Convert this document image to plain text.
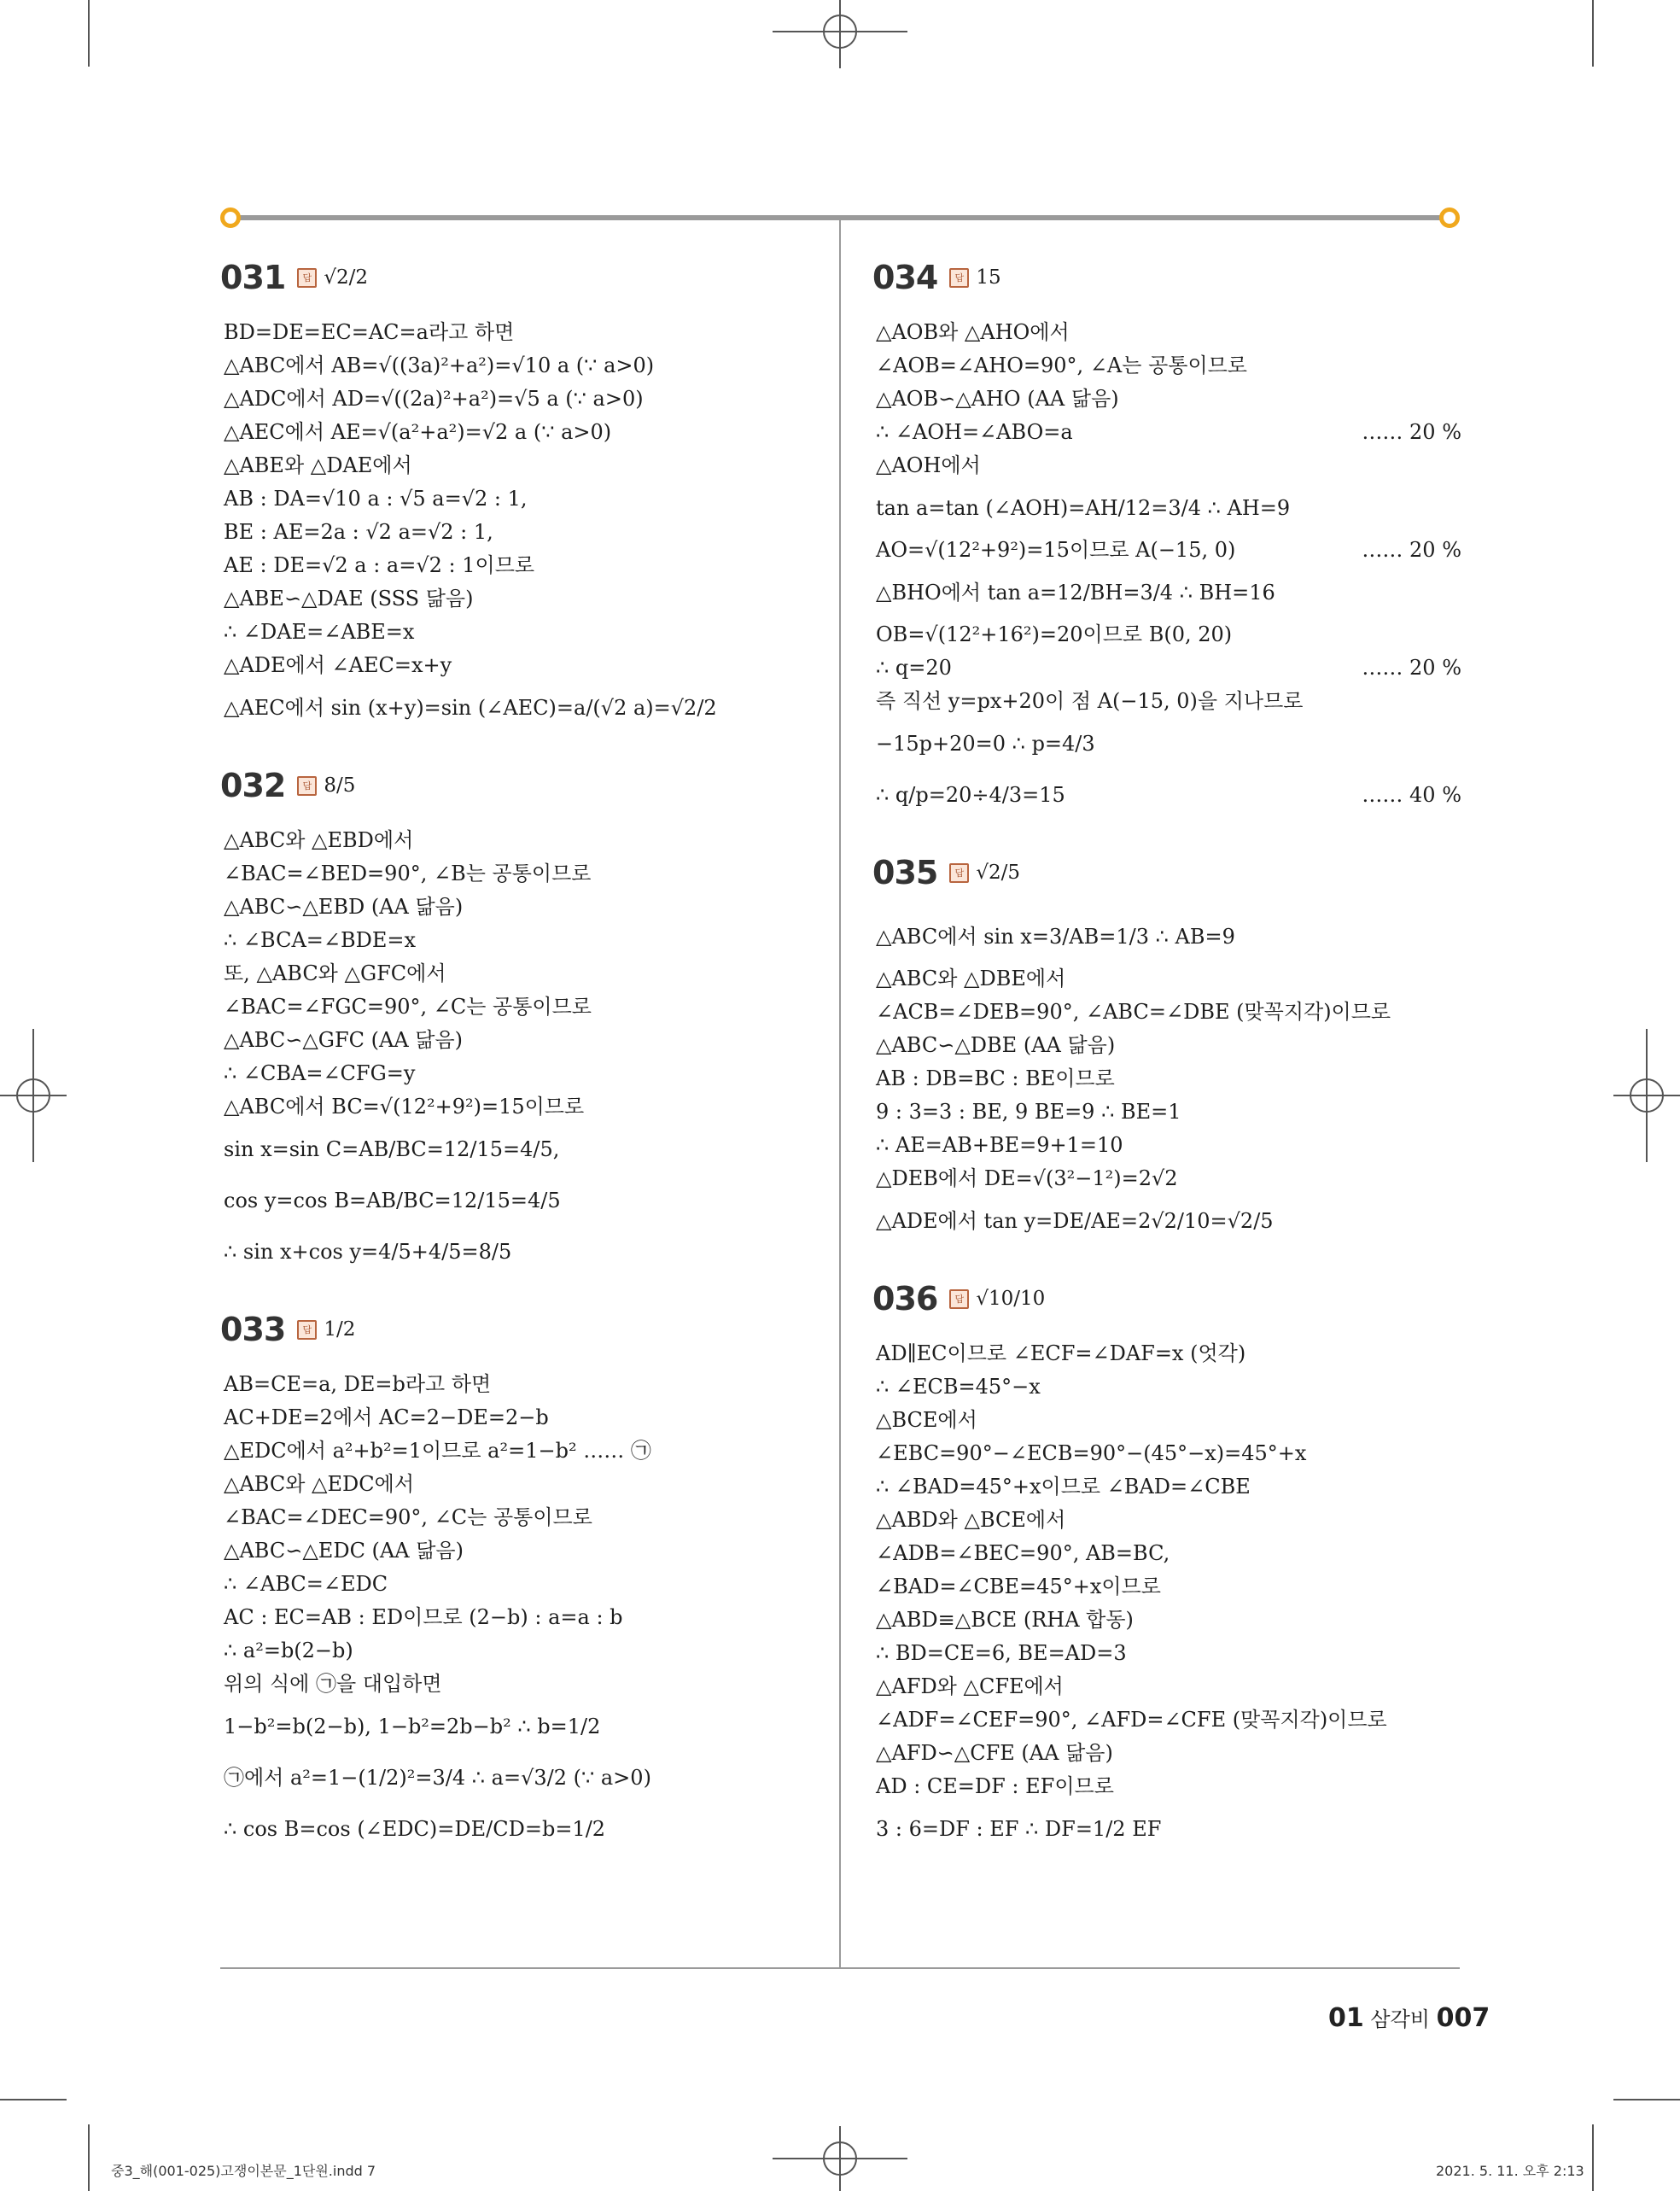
031	답 √2/2
BD=DE=EC=AC=a라고 하면
△ABC에서 AB=√((3a)²+a²)=√10 a (∵ a>0)
△ADC에서 AD=√((2a)²+a²)=√5 a (∵ a>0)
△AEC에서 AE=√(a²+a²)=√2 a (∵ a>0)
△ABE와 △DAE에서
AB : DA=√10 a : √5 a=√2 : 1,
BE : AE=2a : √2 a=√2 : 1,
AE : DE=√2 a : a=√2 : 1이므로
△ABE∽△DAE (SSS 닮음)
∴ ∠DAE=∠ABE=x
△ADE에서 ∠AEC=x+y
△AEC에서 sin (x+y)=sin (∠AEC)=a/(√2 a)=√2/2
032	답 8/5
△ABC와 △EBD에서
∠BAC=∠BED=90°, ∠B는 공통이므로
△ABC∽△EBD (AA 닮음)
∴ ∠BCA=∠BDE=x
또, △ABC와 △GFC에서
∠BAC=∠FGC=90°, ∠C는 공통이므로
△ABC∽△GFC (AA 닮음)
∴ ∠CBA=∠CFG=y
△ABC에서 BC=√(12²+9²)=15이므로
sin x=sin C=AB/BC=12/15=4/5,
cos y=cos B=AB/BC=12/15=4/5
∴ sin x+cos y=4/5+4/5=8/5
033	답 1/2
AB=CE=a, DE=b라고 하면
AC+DE=2에서 AC=2−DE=2−b
△EDC에서 a²+b²=1이므로 a²=1−b² …… ㉠
△ABC와 △EDC에서
∠BAC=∠DEC=90°, ∠C는 공통이므로
△ABC∽△EDC (AA 닮음)
∴ ∠ABC=∠EDC
AC : EC=AB : ED이므로 (2−b) : a=a : b
∴ a²=b(2−b)
위의 식에 ㉠을 대입하면
1−b²=b(2−b), 1−b²=2b−b² ∴ b=1/2
㉠에서 a²=1−(1/2)²=3/4 ∴ a=√3/2 (∵ a>0)
∴ cos B=cos (∠EDC)=DE/CD=b=1/2
034	답 15
△AOB와 △AHO에서
∠AOB=∠AHO=90°, ∠A는 공통이므로
△AOB∽△AHO (AA 닮음)
∴ ∠AOH=∠ABO=a	…… 20 %
△AOH에서
tan a=tan (∠AOH)=AH/12=3/4 ∴ AH=9
AO=√(12²+9²)=15이므로 A(−15, 0)	…… 20 %
△BHO에서 tan a=12/BH=3/4 ∴ BH=16
OB=√(12²+16²)=20이므로 B(0, 20)
∴ q=20	…… 20 %
즉 직선 y=px+20이 점 A(−15, 0)을 지나므로
−15p+20=0 ∴ p=4/3
∴ q/p=20÷4/3=15	…… 40 %
035	답 √2/5
△ABC에서 sin x=3/AB=1/3 ∴ AB=9
△ABC와 △DBE에서
∠ACB=∠DEB=90°, ∠ABC=∠DBE (맞꼭지각)이므로
△ABC∽△DBE (AA 닮음)
AB : DB=BC : BE이므로
9 : 3=3 : BE, 9 BE=9 ∴ BE=1
∴ AE=AB+BE=9+1=10
△DEB에서 DE=√(3²−1²)=2√2
△ADE에서 tan y=DE/AE=2√2/10=√2/5
036	답 √10/10
AD∥EC이므로 ∠ECF=∠DAF=x (엇각)
∴ ∠ECB=45°−x
△BCE에서
∠EBC=90°−∠ECB=90°−(45°−x)=45°+x
∴ ∠BAD=45°+x이므로 ∠BAD=∠CBE
△ABD와 △BCE에서
∠ADB=∠BEC=90°, AB=BC,
∠BAD=∠CBE=45°+x이므로
△ABD≡△BCE (RHA 합동)
∴ BD=CE=6, BE=AD=3
△AFD와 △CFE에서
∠ADF=∠CEF=90°, ∠AFD=∠CFE (맞꼭지각)이므로
△AFD∽△CFE (AA 닮음)
AD : CE=DF : EF이므로
3 : 6=DF : EF ∴ DF=1/2 EF
01 삼각비 007
중3_해(001-025)고쟁이본문_1단원.indd 7	2021. 5. 11. 오후 2:13
